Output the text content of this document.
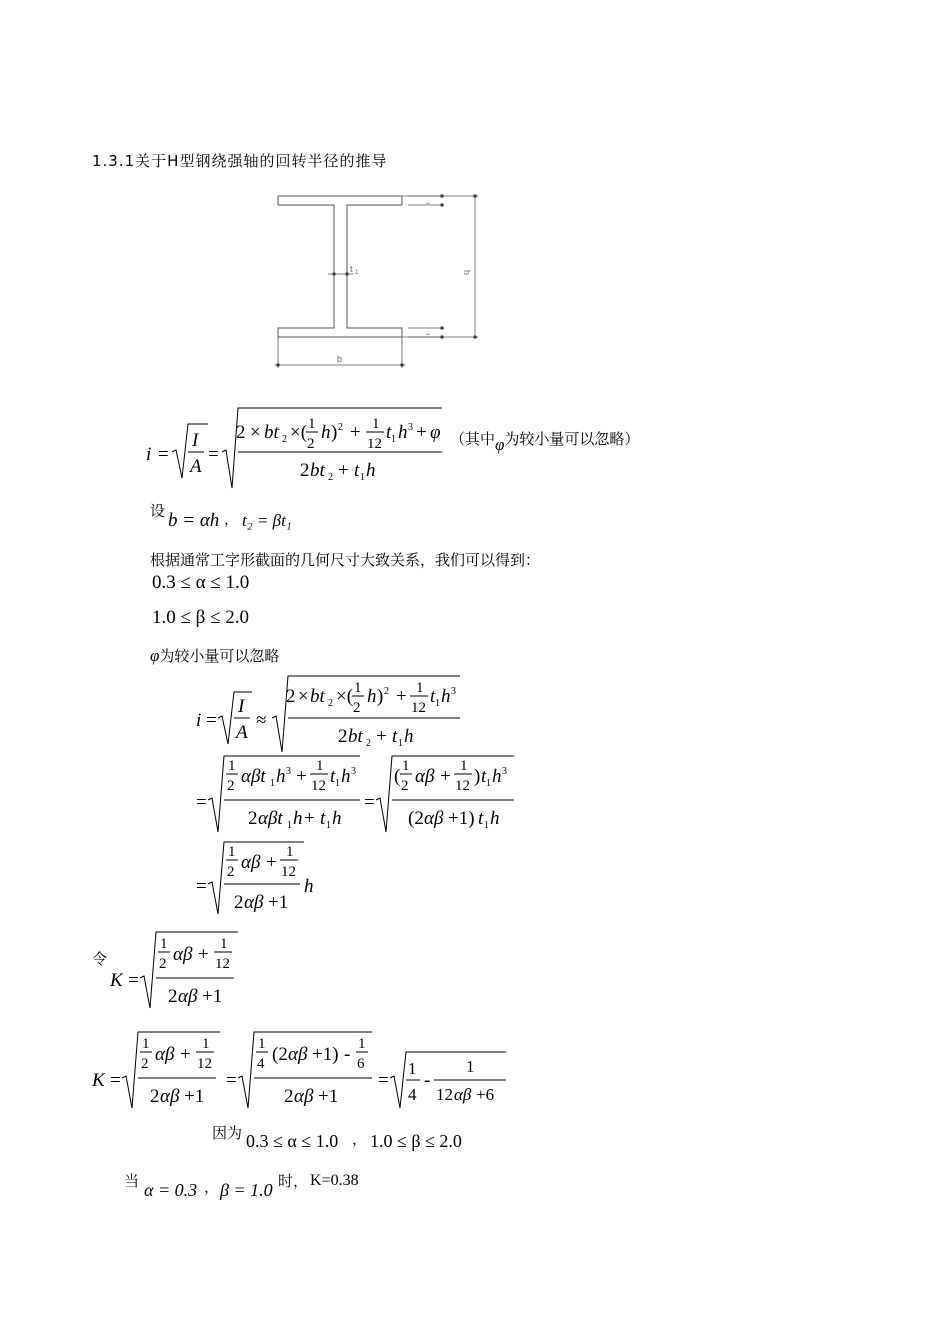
1.3.1关于H型钢绕强轴的回转半径的推导
t 1	h
b
t
t
i =
I
A
=
2 × bt 2 ×( 1
2
h ) 2 + 1
12
t 1 h 3 + φ
2 bt 2 + t 1 h
（其中φ为较小量可以忽略）
设 b = αh ， t₂ = βt₁
根据通常工字形截面的几何尺寸大致关系，我们可以得到：
0.3 ≤ α ≤ 1.0
1.0 ≤ β ≤ 2.0
φ为较小量可以忽略
i =
I
A
≈
2 × bt 2 ×( 1
2
h ) 2 + 1
12
t 1 h 3
2 bt 2 + t 1 h
=
1
2 αβt 1 h 3 + 1
12 t 1 h 3
2 αβt 1 h + t 1 h
=
( 1
2 αβ + 1
12 ) t 1 h 3
(2 αβ +1) t 1 h
=
1
2 αβ + 1
12
2 αβ +1
h
令
K =
1
2 αβ + 1
12
2 αβ +1
K =
1
2 αβ + 1
12
2 αβ +1
=
1
4 (2 αβ +1) - 1
6
2 αβ +1
=
1
4
-
1
12 αβ +6
因为 0.3 ≤ α ≤ 1.0 ， 1.0 ≤ β ≤ 2.0
当 α = 0.3 ， β = 1.0 时， K=0.38
